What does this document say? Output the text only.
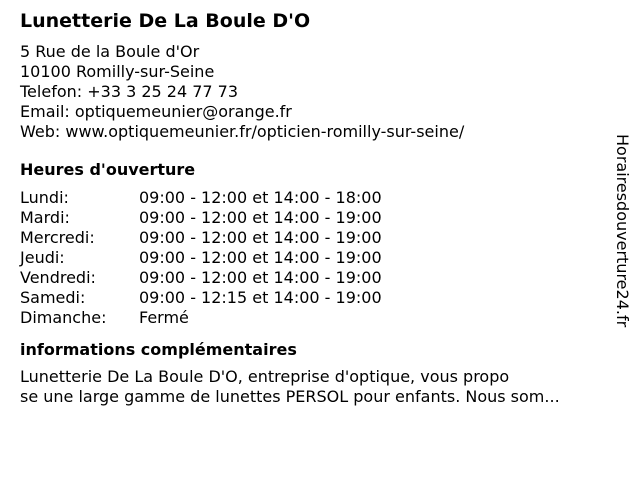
Lunetterie De La Boule D'O
5 Rue de la Boule d'Or
10100 Romilly-sur-Seine
Telefon: +33 3 25 24 77 73
Email: optiquemeunier@orange.fr
Web: www.optiquemeunier.fr/opticien-romilly-sur-seine/
Heures d'ouverture
Lundi:	09:00 - 12:00 et 14:00 - 18:00
Mardi:	09:00 - 12:00 et 14:00 - 19:00
Mercredi:	09:00 - 12:00 et 14:00 - 19:00
Jeudi:	09:00 - 12:00 et 14:00 - 19:00
Vendredi:	09:00 - 12:00 et 14:00 - 19:00
Samedi:	09:00 - 12:15 et 14:00 - 19:00
Dimanche:	Fermé
informations complémentaires
Lunetterie De La Boule D'O, entreprise d'optique, vous propo
se une large gamme de lunettes PERSOL pour enfants. Nous som...
Horairesdouverture24.fr
